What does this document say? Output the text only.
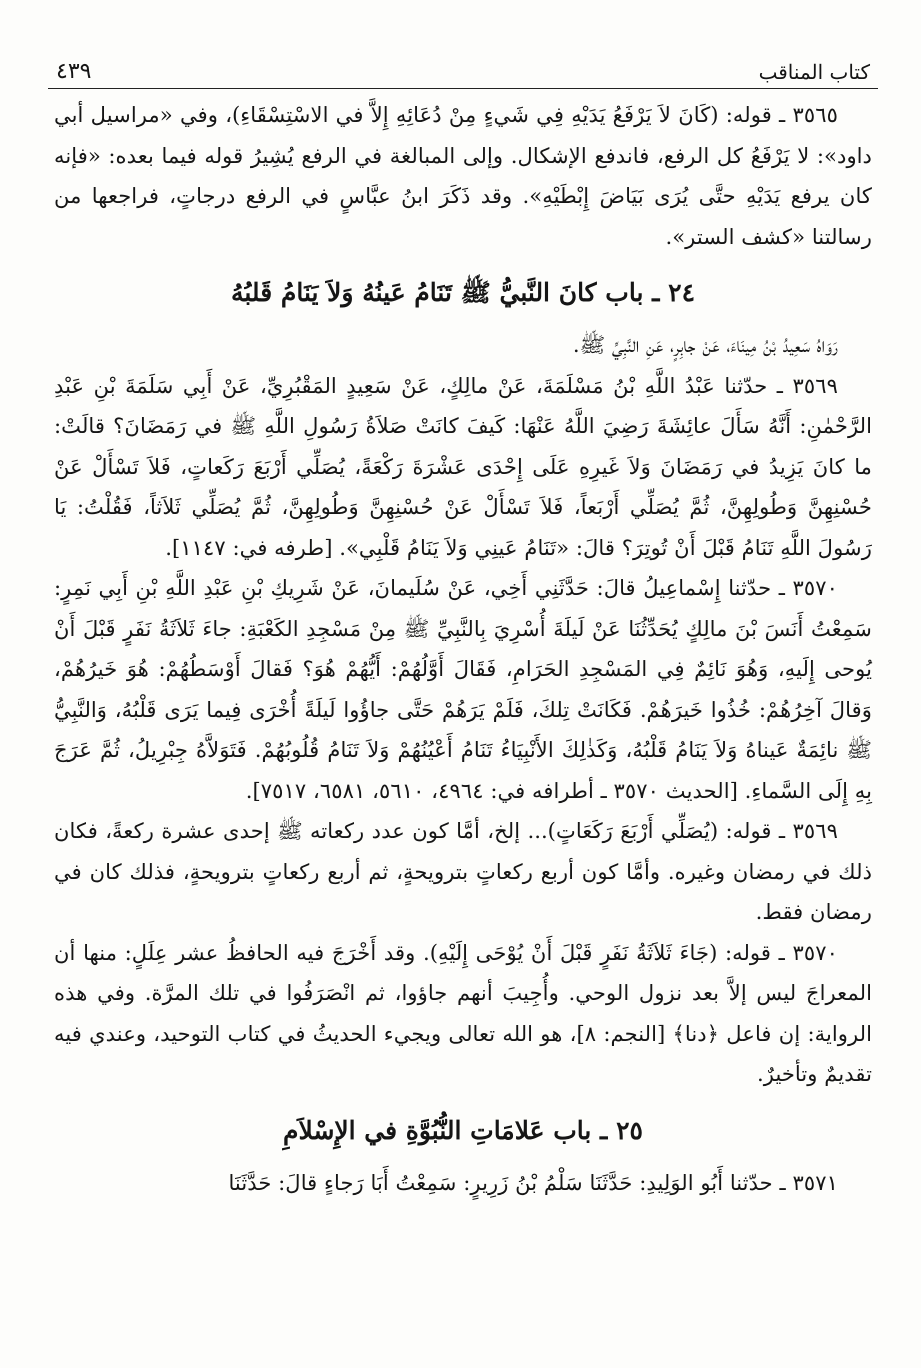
كتاب المناقب
٤٣٩

٣٥٦٥ ـ قوله: (كَانَ لاَ يَرْفَعُ يَدَيْهِ فِي شَيءٍ مِنْ دُعَائِهِ إِلاَّ في الاسْتِسْقَاءِ)، وفي «مراسيل أبي داود»: لا يَرْفَعُ كل الرفع، فاندفع الإشكال. وإلى المبالغة في الرفع يُشِيرُ قوله فيما بعده: «فإنه كان يرفع يَدَيْهِ حتَّى يُرَى بَيَاضَ إِبْطَيْهِ». وقد ذَكَرَ ابنُ عبَّاسٍ في الرفع درجاتٍ، فراجعها من رسالتنا «كشف الستر».

٢٤ ـ باب كانَ النَّبيُّ ﷺ تَنَامُ عَينُهُ وَلاَ يَنَامُ قَلبُهُ

رَوَاهُ سَعِيدُ بْنُ مِينَاءَ، عَنْ جابِرٍ، عَنِ النَّبِيِّ ﷺ.

٣٥٦٩ ـ حدّثنا عَبْدُ اللَّهِ بْنُ مَسْلَمَةَ، عَنْ مالِكٍ، عَنْ سَعِيدٍ المَقْبُرِيِّ، عَنْ أَبِي سَلَمَةَ بْنِ عَبْدِ الرَّحْمٰنِ: أَنَّهُ سَأَلَ عائِشَةَ رَضِيَ اللَّهُ عَنْهَا: كَيفَ كانَتْ صَلاَةُ رَسُولِ اللَّهِ ﷺ في رَمَضَانَ؟ قالَتْ: ما كانَ يَزِيدُ في رَمَضَانَ وَلاَ غَيرِهِ عَلَى إِحْدَى عَشْرَةَ رَكْعَةً، يُصَلِّي أَرْبَعَ رَكَعاتٍ، فَلاَ تَسْأَلْ عَنْ حُسْنِهِنَّ وَطُولِهِنَّ، ثُمَّ يُصَلِّي أَرْبَعاً، فَلاَ تَسْأَلْ عَنْ حُسْنِهِنَّ وَطُولِهِنَّ، ثُمَّ يُصَلِّي ثَلاَثاً، فَقُلْتُ: يَا رَسُولَ اللَّهِ تَنَامُ قَبْلَ أَنْ تُوتِرَ؟ قالَ: «تَنَامُ عَينِي وَلاَ يَنَامُ قَلْبِي». [طرفه في: ١١٤٧].

٣٥٧٠ ـ حدّثنا إِسْماعِيلُ قالَ: حَدَّثَنِي أَخِي، عَنْ سُلَيمانَ، عَنْ شَرِيكِ بْنِ عَبْدِ اللَّهِ بْنِ أَبِي نَمِرٍ: سَمِعْتُ أَنَسَ بْنَ مالِكٍ يُحَدِّثُنَا عَنْ لَيلَةَ أُسْرِيَ بِالنَّبِيِّ ﷺ مِنْ مَسْجِدِ الكَعْبَةِ: جاءَ ثَلاَثَةُ نَفَرٍ قَبْلَ أَنْ يُوحى إِلَيهِ، وَهُوَ نَائِمٌ فِي المَسْجِدِ الحَرَامِ، فَقَالَ أَوَّلُهُمْ: أَيُّهُمْ هُوَ؟ فَقالَ أَوْسَطُهُمْ: هُوَ خَيرُهُمْ، وَقالَ آخِرُهُمْ: خُذُوا خَيرَهُمْ. فَكَانَتْ تِلكَ، فَلَمْ يَرَهُمْ حَتَّى جاؤُوا لَيلَةً أُخْرَى فِيما يَرَى قَلْبُهُ، وَالنَّبِيُّ ﷺ نائِمَةٌ عَيناهُ وَلاَ يَنَامُ قَلْبُهُ، وَكَذٰلِكَ الأَنْبِيَاءُ تَنَامُ أَعْيُنُهُمْ وَلاَ تَنَامُ قُلُوبُهُمْ. فَتَوَلاَّهُ جِبْرِيلُ، ثُمَّ عَرَجَ بِهِ إِلَى السَّماءِ. [الحديث ٣٥٧٠ ـ أطرافه في: ٤٩٦٤، ٥٦١٠، ٦٥٨١، ٧٥١٧].

٣٥٦٩ ـ قوله: (يُصَلِّي أَرْبَعَ رَكَعَاتٍ)... إلخ، أمَّا كون عدد ركعاته ﷺ إحدى عشرة ركعةً، فكان ذلك في رمضان وغيره. وأمَّا كون أربع ركعاتٍ بترويحةٍ، ثم أربع ركعاتٍ بترويحةٍ، فذلك كان في رمضان فقط.

٣٥٧٠ ـ قوله: (جَاءَ ثَلاَثَةُ نَفَرٍ قَبْلَ أَنْ يُوْحَى إِلَيْهِ). وقد أَخْرَجَ فيه الحافظُ عشر عِلَلٍ: منها أن المعراجَ ليس إلاَّ بعد نزول الوحي. وأُجِيبَ أنهم جاؤوا، ثم انْصَرَفُوا في تلك المرَّة. وفي هذه الرواية: إن فاعل ﴿دنا﴾ [النجم: ٨]، هو الله تعالى ويجيء الحديثُ في كتاب التوحيد، وعندي فيه تقديمٌ وتأخيرٌ.

٢٥ ـ باب عَلامَاتِ النُّبُوَّةِ في الإِسْلاَمِ

٣٥٧١ ـ حدّثنا أَبُو الوَلِيدِ: حَدَّثَنَا سَلْمُ بْنُ زَرِيرٍ: سَمِعْتُ أَبَا رَجاءٍ قالَ: حَدَّثَنَا
